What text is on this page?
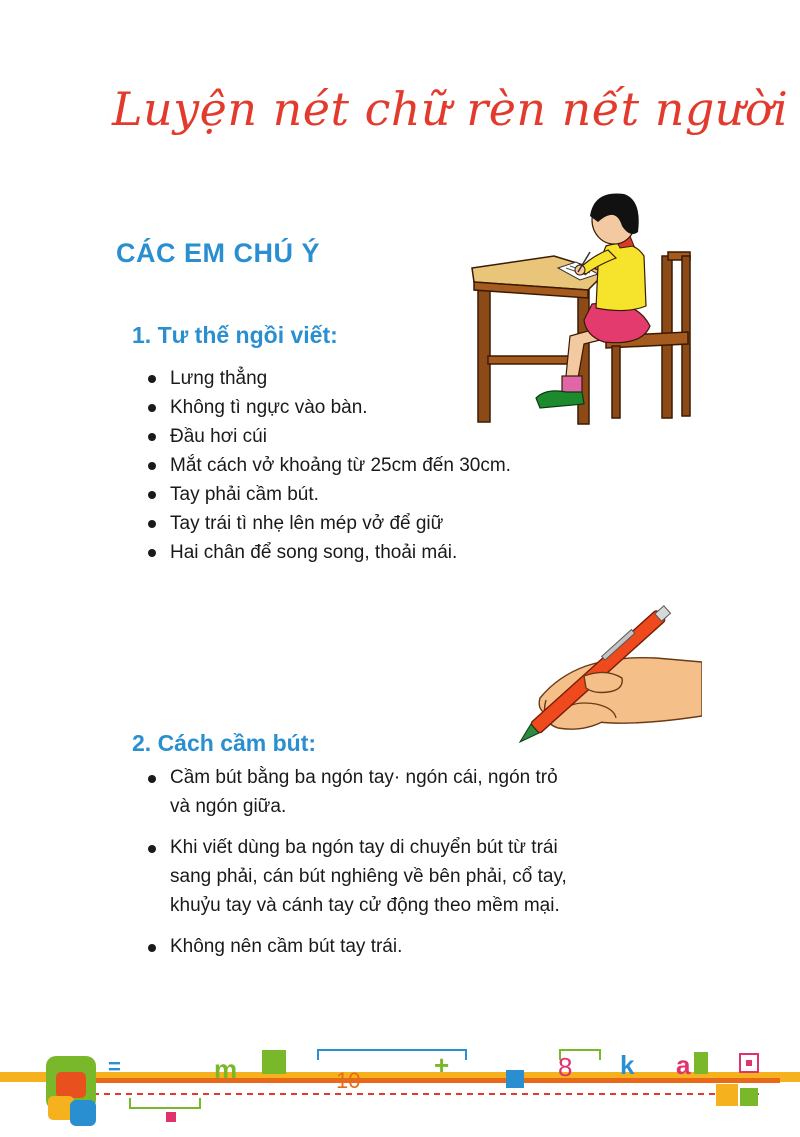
Luyện nét chữ rèn nết người
CÁC EM CHÚ Ý
1. Tư thế ngồi viết:
Lưng thẳng
Không tì ngực vào bàn.
Đầu hơi cúi
Mắt cách vở khoảng từ 25cm đến 30cm.
Tay phải cầm bút.
Tay trái tì nhẹ lên mép vở để giữ
Hai chân để song song, thoải mái.
2. Cách cầm bút:
Cầm bút bằng ba ngón tay· ngón cái, ngón trỏ và ngón giữa.
Khi viết dùng ba ngón tay di chuyển bút từ trái sang phải, cán bút nghiêng về bên phải, cổ tay, khuỷu tay và cánh tay cử động theo mềm mại.
Không nên cầm bút tay trái.
=	m	10
+	8 k a
